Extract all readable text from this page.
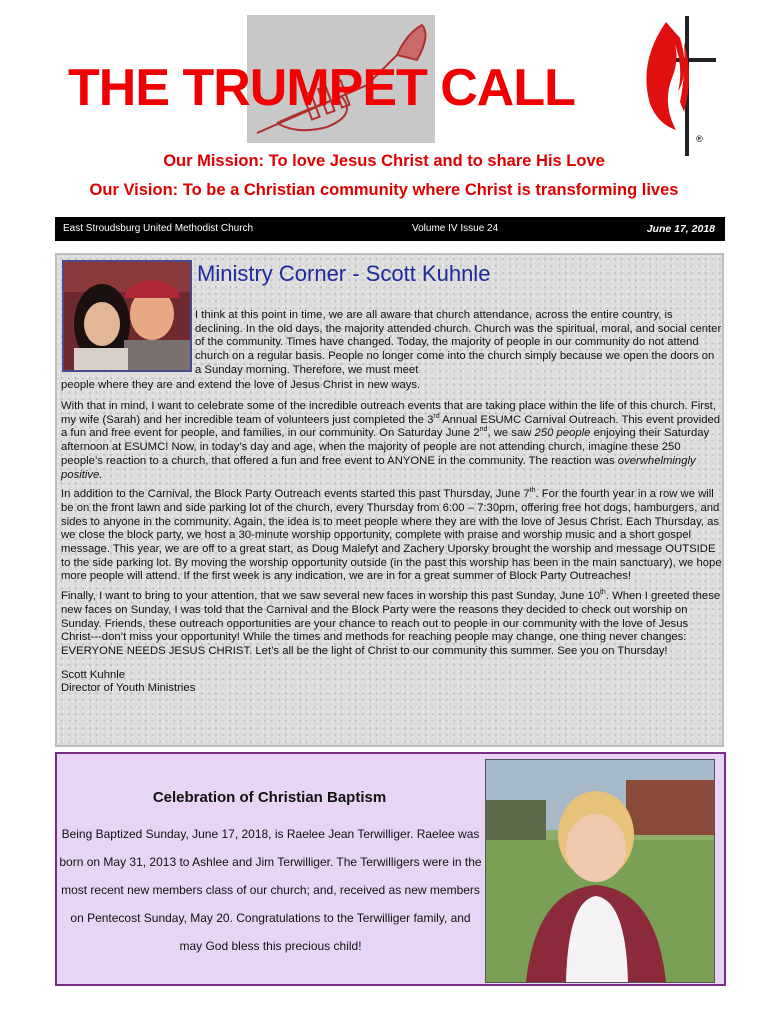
THE TRUMPET CALL
®
Our Mission: To love Jesus Christ and to share His Love
Our Vision: To be a Christian community where Christ is transforming lives
East Stroudsburg United Methodist Church	Volume IV Issue 24	June 17, 2018
Ministry Corner - Scott Kuhnle
I think at this point in time, we are all aware that church attendance, across the entire country, is declining. In the old days, the majority attended church. Church was the spiritual, moral, and social center of the community. Times have changed. Today, the majority of people in our community do not attend church on a regular basis. People no longer come into the church simply because we open the doors on a Sunday morning. Therefore, we must meet
people where they are and extend the love of Jesus Christ in new ways.

With that in mind, I want to celebrate some of the incredible outreach events that are taking place within the life of this church. First, my wife (Sarah) and her incredible team of volunteers just completed the 3rd Annual ESUMC Carnival Outreach. This event provided a fun and free event for people, and families, in our community. On Saturday June 2nd, we saw 250 people enjoying their Saturday afternoon at ESUMC! Now, in today’s day and age, when the majority of people are not attending church, imagine these 250 people’s reaction to a church, that offered a fun and free event to ANYONE in the community. The reaction was overwhelmingly positive.

In addition to the Carnival, the Block Party Outreach events started this past Thursday, June 7th. For the fourth year in a row we will be on the front lawn and side parking lot of the church, every Thursday from 6:00 – 7:30pm, offering free hot dogs, hamburgers, and sides to anyone in the community. Again, the idea is to meet people where they are with the love of Jesus Christ. Each Thursday, as we close the block party, we host a 30-minute worship opportunity, complete with praise and worship music and a short gospel message. This year, we are off to a great start, as Doug Malefyt and Zachery Uporsky brought the worship and message OUTSIDE to the side parking lot. By moving the worship opportunity outside (in the past this worship has been in the main sanctuary), we hope more people will attend. If the first week is any indication, we are in for a great summer of Block Party Outreaches!

Finally, I want to bring to your attention, that we saw several new faces in worship this past Sunday, June 10th. When I greeted these new faces on Sunday, I was told that the Carnival and the Block Party were the reasons they decided to check out worship on Sunday. Friends, these outreach opportunities are your chance to reach out to people in our community with the love of Jesus Christ---don’t miss your opportunity! While the times and methods for reaching people may change, one thing never changes: EVERYONE NEEDS JESUS CHRIST. Let’s all be the light of Christ to our community this summer. See you on Thursday!

Scott Kuhnle
Director of Youth Ministries

Celebration of Christian Baptism
Being Baptized Sunday, June 17, 2018, is Raelee Jean Terwilliger. Raelee was born on May 31, 2013 to Ashlee and Jim Terwilliger. The Terwilligers were in the most recent new members class of our church; and, received as new members on Pentecost Sunday, May 20. Congratulations to the Terwilliger family, and may God bless this precious child!
